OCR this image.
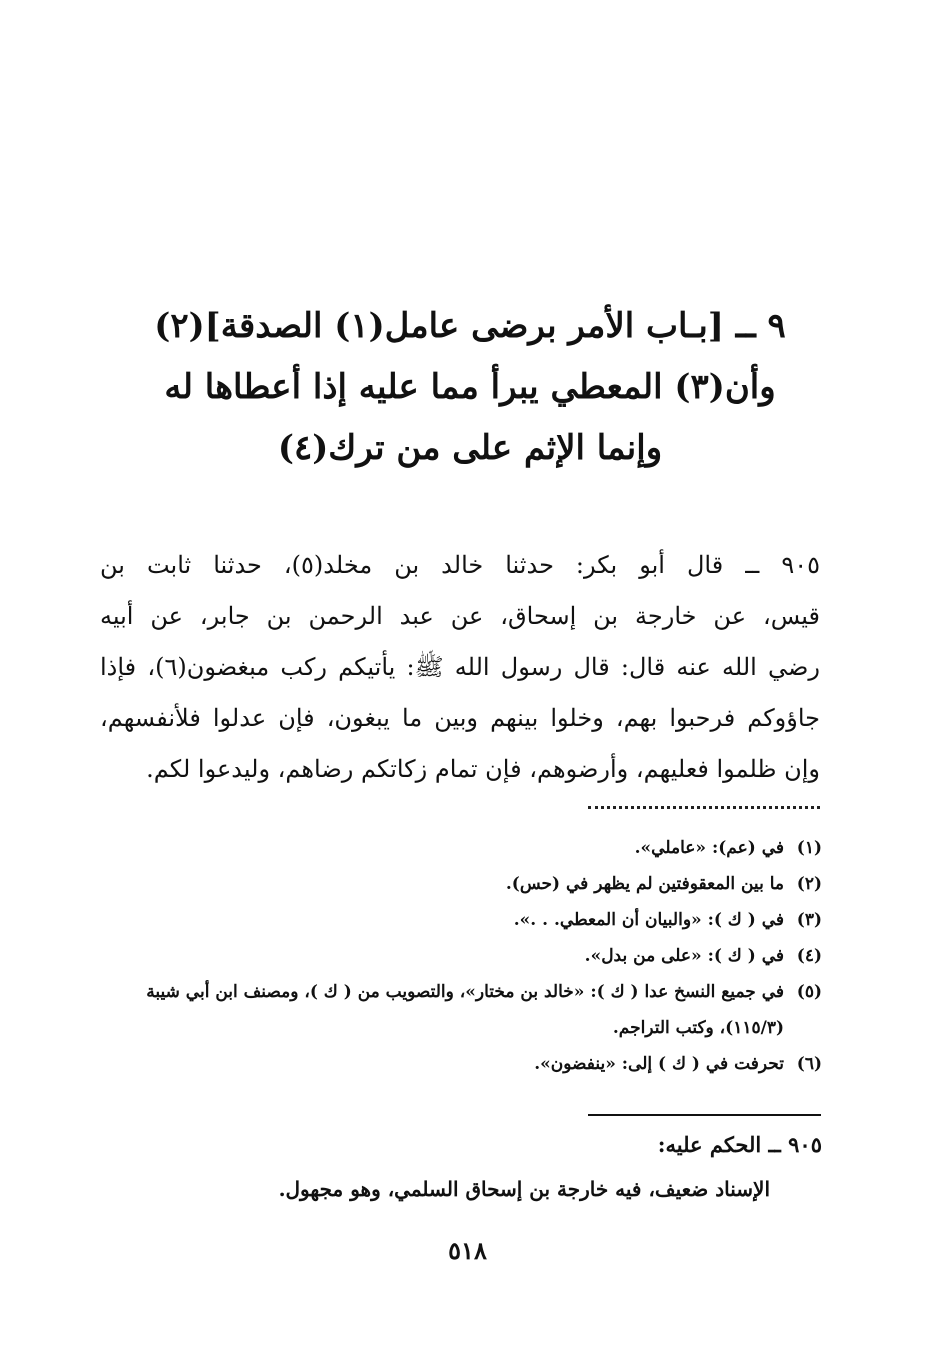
٩ ــ [بـاب الأمر برضى عامل(١) الصدقة](٢)
وأن(٣) المعطي يبرأ مما عليه إذا أعطاها له
وإنما الإثم على من ترك(٤)
٩٠٥ ــ قال أبو بكر: حدثنا خالد بن مخلد(٥)، حدثنا ثابت بن
قيس، عن خارجة بن إسحاق، عن عبد الرحمن بن جابر، عن أبيه
رضي الله عنه قال: قال رسول الله ﷺ: يأتيكم ركب مبغضون(٦)، فإذا
جاؤوكم فرحبوا بهم، وخلوا بينهم وبين ما يبغون، فإن عدلوا فلأنفسهم،
وإن ظلموا فعليهم، وأرضوهم، فإن تمام زكاتكم رضاهم، وليدعوا لكم.
(١)
في (عم): «عاملي».
(٢)
ما بين المعقوفتين لم يظهر في (حس).
(٣)
في ( ك ): «والبيان أن المعطي. . .».
(٤)
في ( ك ): «على من بدل».
(٥)
في جميع النسخ عدا ( ك ): «خالد بن مختار»، والتصويب من ( ك )، ومصنف ابن أبي شيبة (١١٥/٣)، وكتب التراجم.
(٦)
تحرفت في ( ك ) إلى: «ينفضون».
٩٠٥ ــ الحكم عليه:
الإسناد ضعيف، فيه خارجة بن إسحاق السلمي، وهو مجهول.
٥١٨
